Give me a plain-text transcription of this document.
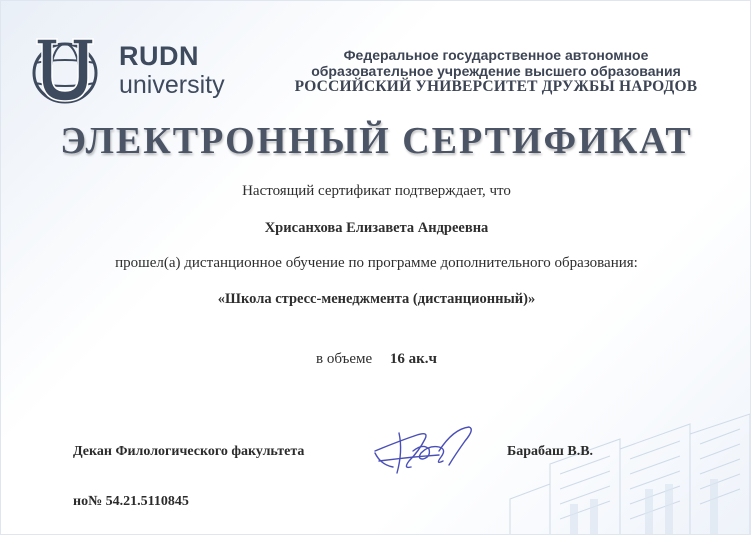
RUDN
university
Федеральное государственное автономное
образовательное учреждение высшего образования
РОССИЙСКИЙ УНИВЕРСИТЕТ ДРУЖБЫ НАРОДОВ
ЭЛЕКТРОННЫЙ СЕРТИФИКАТ
Настоящий сертификат подтверждает, что
Хрисанхова Елизавета Андреевна
прошел(а) дистанционное обучение по программе дополнительного образования:
«Школа стресс-менеджмента (дистанционный)»
в объеме 16 ак.ч
Декан Филологического факультета	Барабаш В.В.
но№ 54.21.5110845
